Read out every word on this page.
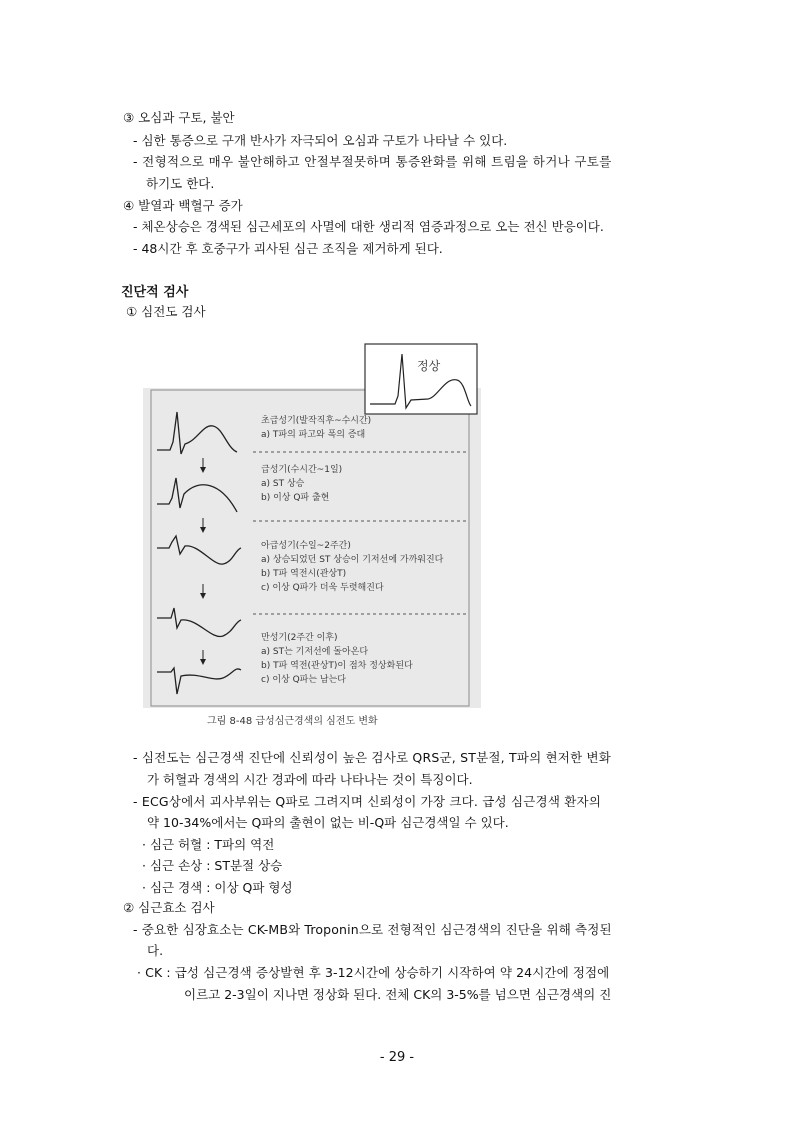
③ 오심과 구토, 불안
- 심한 통증으로 구개 반사가 자극되어 오심과 구토가 나타날 수 있다.
- 전형적으로 매우 불안해하고 안절부절못하며 통증완화를 위해 트림을 하거나 구토를
하기도 한다.
④ 발열과 백혈구 증가
- 체온상승은 경색된 심근세포의 사멸에 대한 생리적 염증과정으로 오는 전신 반응이다.
- 48시간 후 호중구가 괴사된 심근 조직을 제거하게 된다.
진단적 검사
① 심전도 검사
정상
초급성기(발작직후~수시간)
a) T파의 파고와 폭의 증대
급성기(수시간~1일)
a) ST 상승
b) 이상 Q파 출현
아급성기(수일~2주간)
a) 상승되었던 ST 상승이 기저선에 가까워진다
b) T파 역전시(관상T)
c) 이상 Q파가 더욱 두렷해진다
만성기(2주간 이후)
a) ST는 기저선에 돌아온다
b) T파 역전(관상T)이 점차 정상화된다
c) 이상 Q파는 남는다
그림 8-48 급성심근경색의 심전도 변화
- 심전도는 심근경색 진단에 신뢰성이 높은 검사로 QRS군, ST분절, T파의 현저한 변화
가 허혈과 경색의 시간 경과에 따라 나타나는 것이 특징이다.
- ECG상에서 괴사부위는 Q파로 그려지며 신뢰성이 가장 크다. 급성 심근경색 환자의
약 10-34%에서는 Q파의 출현이 없는 비-Q파 심근경색일 수 있다.
· 심근 허혈 : T파의 역전
· 심근 손상 : ST분절 상승
· 심근 경색 : 이상 Q파 형성
② 심근효소 검사
- 중요한 심장효소는 CK-MB와 Troponin으로 전형적인 심근경색의 진단을 위해 측정된
다.
· CK : 급성 심근경색 증상발현 후 3-12시간에 상승하기 시작하여 약 24시간에 정점에
이르고 2-3일이 지나면 정상화 된다. 전체 CK의 3-5%를 넘으면 심근경색의 진
- 29 -
